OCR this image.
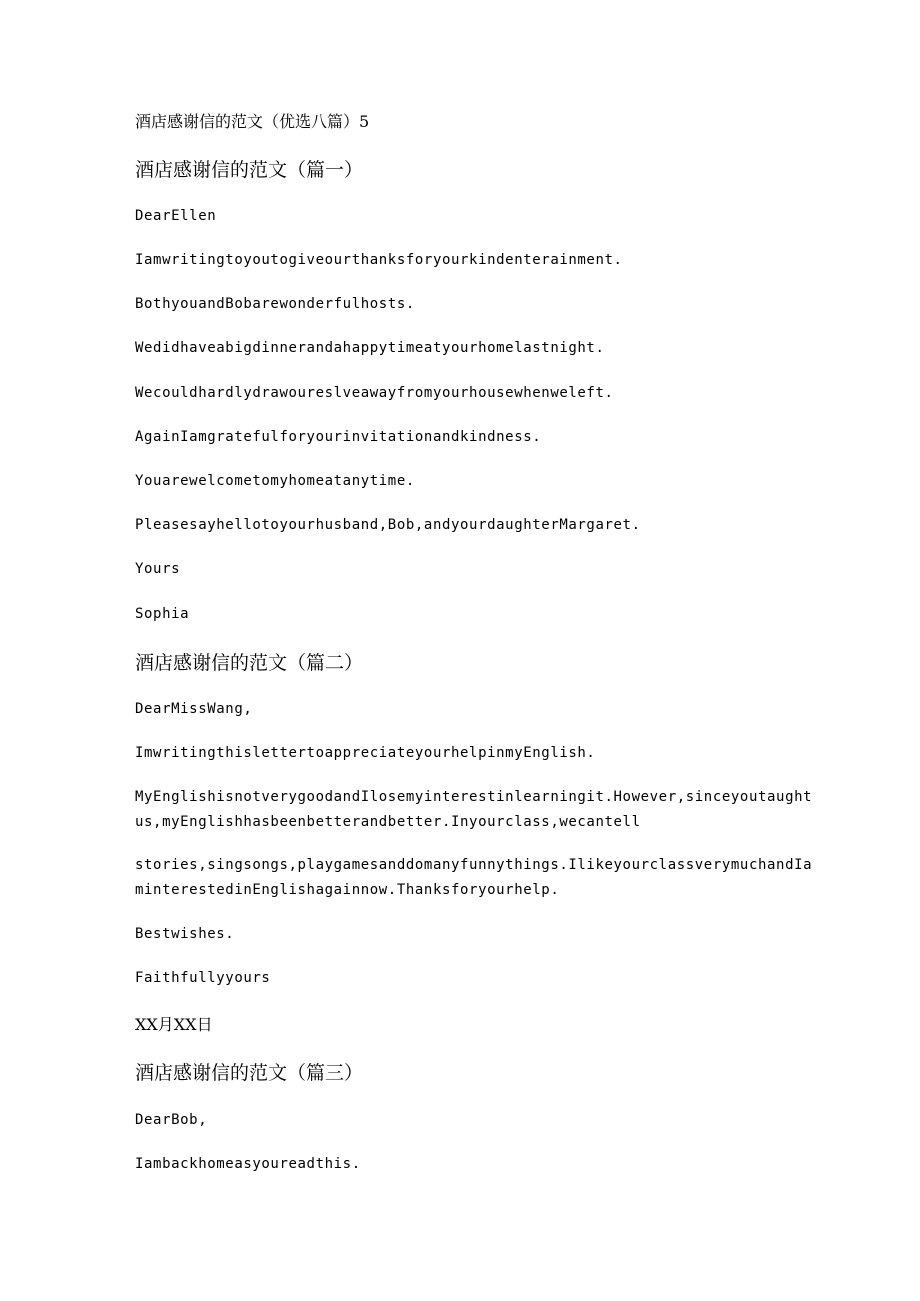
酒店感谢信的范文（优选八篇）5

酒店感谢信的范文（篇一）

DearEllen

Iamwritingtoyoutogiveourthanksforyourkindenterainment.

BothyouandBobarewonderfulhosts.

Wedidhaveabigdinnerandahappytimeatyourhomelastnight.

Wecouldhardlydrawoureslveawayfromyourhousewhenweleft.

AgainIamgratefulforyourinvitationandkindness.

Youarewelcometomyhomeatanytime.

Pleasesayhellotoyourhusband,Bob,andyourdaughterMargaret.

Yours

Sophia

酒店感谢信的范文（篇二）

DearMissWang,

ImwritingthislettertoappreciateyourhelpinmyEnglish.

MyEnglishisnotverygoodandIlosemyinterestinlearningit.However,sinceyoutaught

us,myEnglishhasbeenbetterandbetter.Inyourclass,wecantell

stories,singsongs,playgamesanddomanyfunnythings.IlikeyourclassverymuchandIa

minterestedinEnglishagainnow.Thanksforyourhelp.

Bestwishes.

Faithfullyyours

XX月XX日

酒店感谢信的范文（篇三）

DearBob,

Iambackhomeasyoureadthis.
